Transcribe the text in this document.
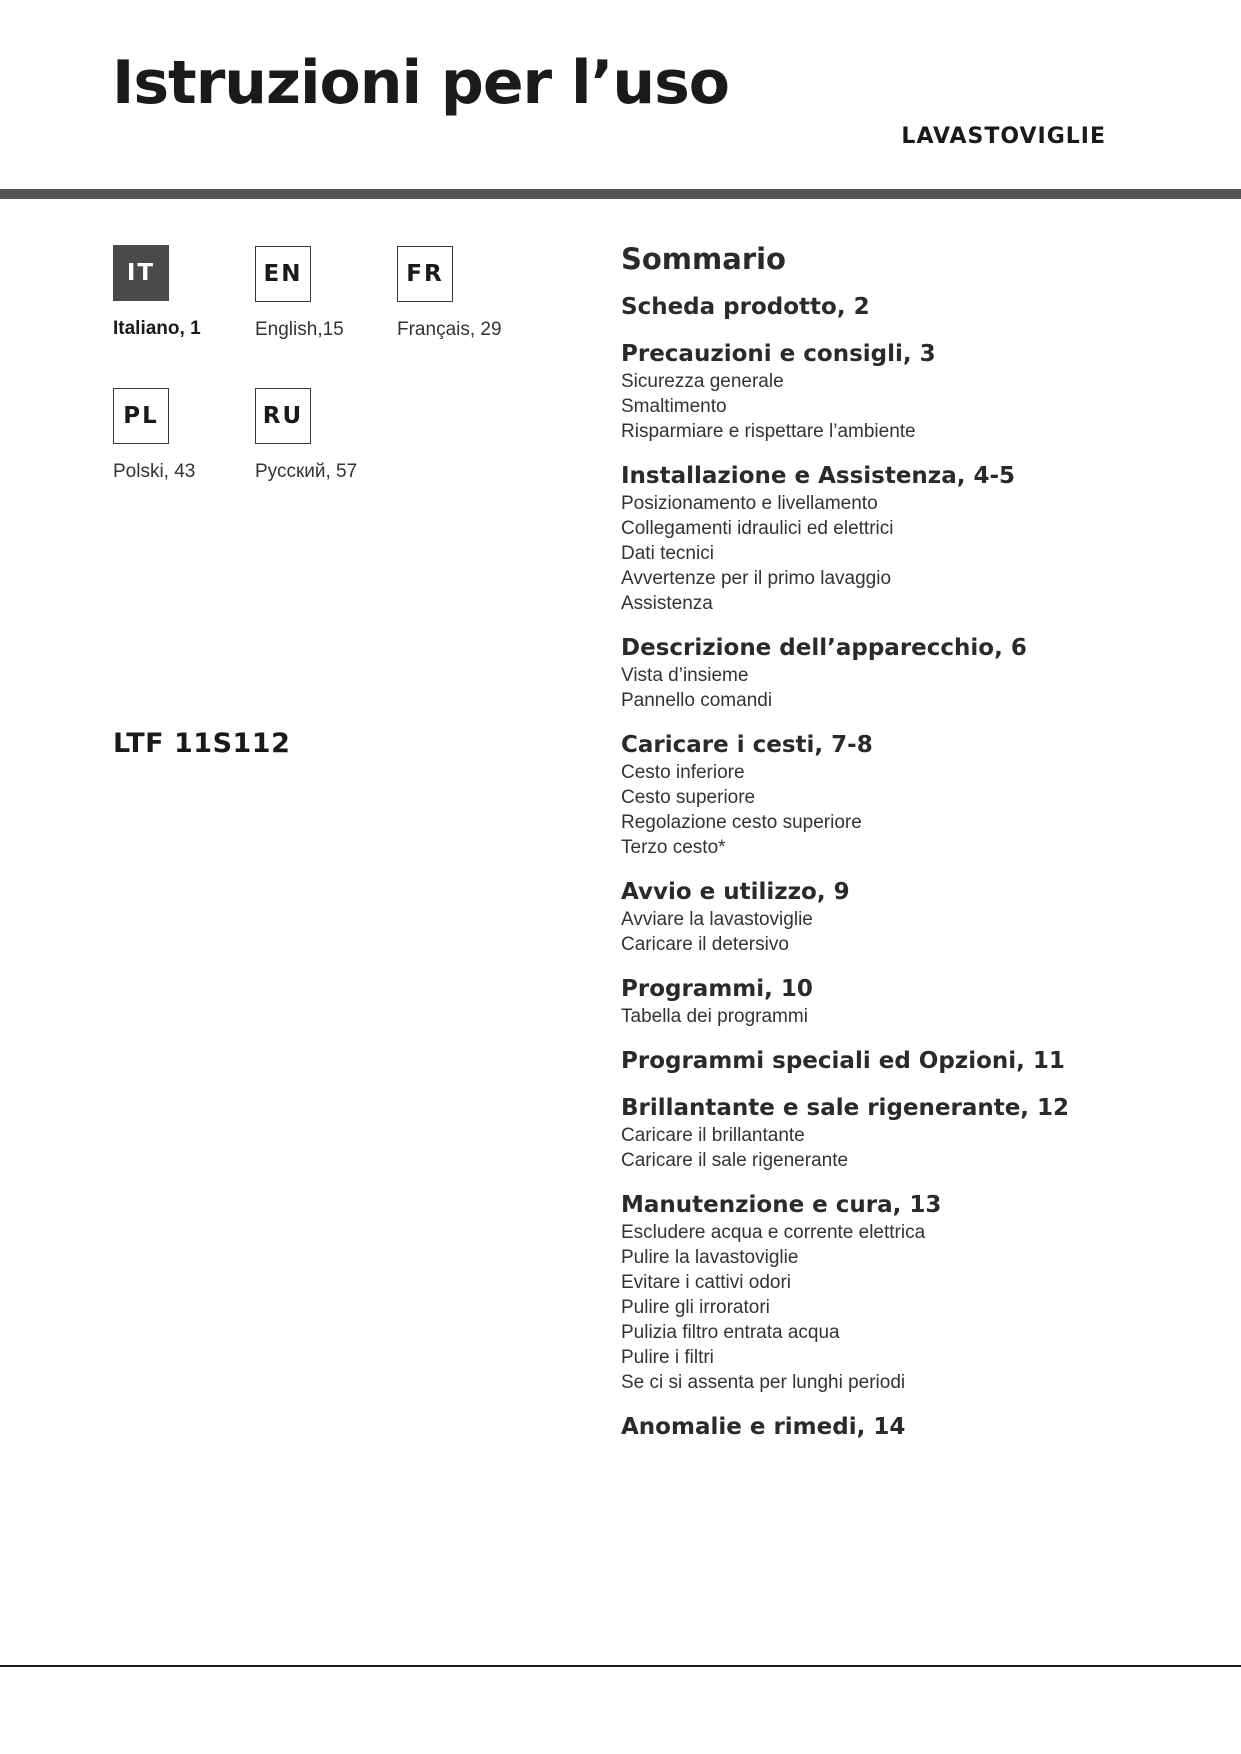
Istruzioni per l’uso
LAVASTOVIGLIE
IT
Italiano, 1
EN
English,15
FR
Français, 29
PL
Polski, 43
RU
Русский, 57
LTF 11S112
Sommario
Scheda prodotto, 2
Precauzioni e consigli, 3
Sicurezza generale
Smaltimento
Risparmiare e rispettare l’ambiente
Installazione e Assistenza, 4-5
Posizionamento e livellamento
Collegamenti idraulici ed elettrici
Dati tecnici
Avvertenze per il primo lavaggio
Assistenza
Descrizione dell’apparecchio, 6
Vista d’insieme
Pannello comandi
Caricare i cesti, 7-8
Cesto inferiore
Cesto superiore
Regolazione cesto superiore
Terzo cesto*
Avvio e utilizzo, 9
Avviare la lavastoviglie
Caricare il detersivo
Programmi, 10
Tabella dei programmi
Programmi speciali ed Opzioni, 11
Brillantante e sale rigenerante, 12
Caricare il brillantante
Caricare il sale rigenerante
Manutenzione e cura, 13
Escludere acqua e corrente elettrica
Pulire la lavastoviglie
Evitare i cattivi odori
Pulire gli irroratori
Pulizia filtro entrata acqua
Pulire i filtri
Se ci si assenta per lunghi periodi
Anomalie e rimedi, 14
